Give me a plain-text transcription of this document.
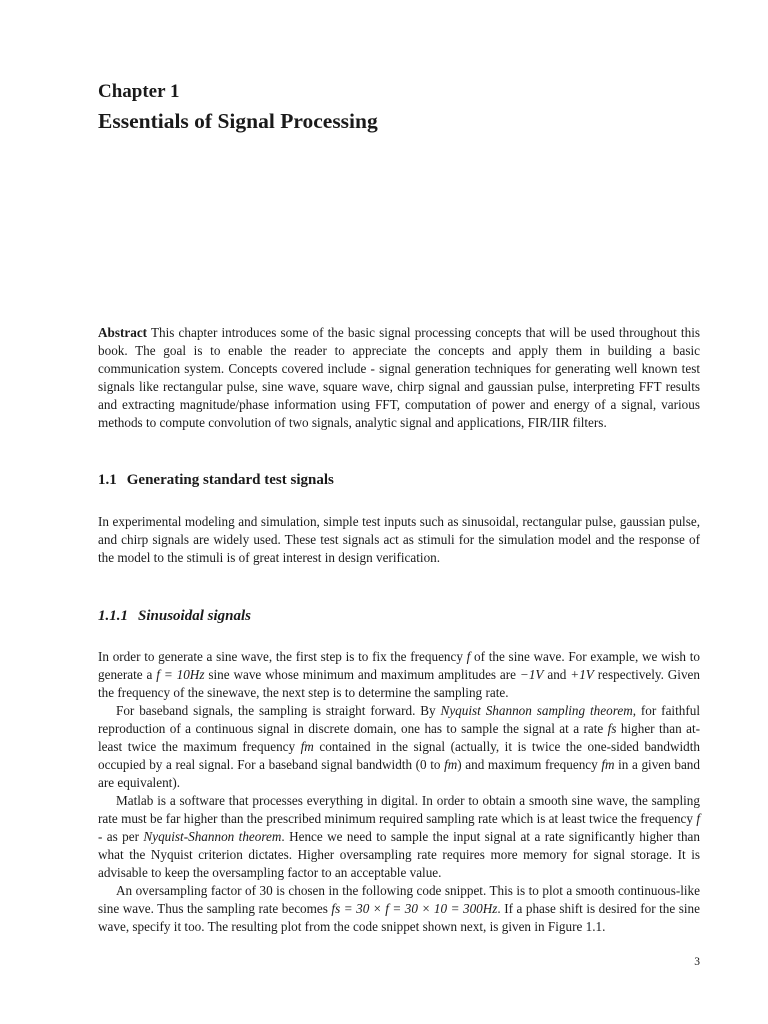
Chapter 1
Essentials of Signal Processing

Abstract This chapter introduces some of the basic signal processing concepts that will be used throughout this book. The goal is to enable the reader to appreciate the concepts and apply them in building a basic communication system. Concepts covered include - signal generation techniques for generating well known test signals like rectangular pulse, sine wave, square wave, chirp signal and gaussian pulse, interpreting FFT results and extracting magnitude/phase information using FFT, computation of power and energy of a signal, various methods to compute convolution of two signals, analytic signal and applications, FIR/IIR filters.

1.1 Generating standard test signals

In experimental modeling and simulation, simple test inputs such as sinusoidal, rectangular pulse, gaussian pulse, and chirp signals are widely used. These test signals act as stimuli for the simulation model and the response of the model to the stimuli is of great interest in design verification.

1.1.1 Sinusoidal signals

In order to generate a sine wave, the first step is to fix the frequency f of the sine wave. For example, we wish to generate a f = 10Hz sine wave whose minimum and maximum amplitudes are −1V and +1V respectively. Given the frequency of the sinewave, the next step is to determine the sampling rate.

For baseband signals, the sampling is straight forward. By Nyquist Shannon sampling theorem, for faithful reproduction of a continuous signal in discrete domain, one has to sample the signal at a rate fs higher than at-least twice the maximum frequency fm contained in the signal (actually, it is twice the one-sided bandwidth occupied by a real signal. For a baseband signal bandwidth (0 to fm) and maximum frequency fm in a given band are equivalent).

Matlab is a software that processes everything in digital. In order to obtain a smooth sine wave, the sampling rate must be far higher than the prescribed minimum required sampling rate which is at least twice the frequency f - as per Nyquist-Shannon theorem. Hence we need to sample the input signal at a rate significantly higher than what the Nyquist criterion dictates. Higher oversampling rate requires more memory for signal storage. It is advisable to keep the oversampling factor to an acceptable value.

An oversampling factor of 30 is chosen in the following code snippet. This is to plot a smooth continuous-like sine wave. Thus the sampling rate becomes fs = 30 × f = 30 × 10 = 300Hz. If a phase shift is desired for the sine wave, specify it too. The resulting plot from the code snippet shown next, is given in Figure 1.1.

3
